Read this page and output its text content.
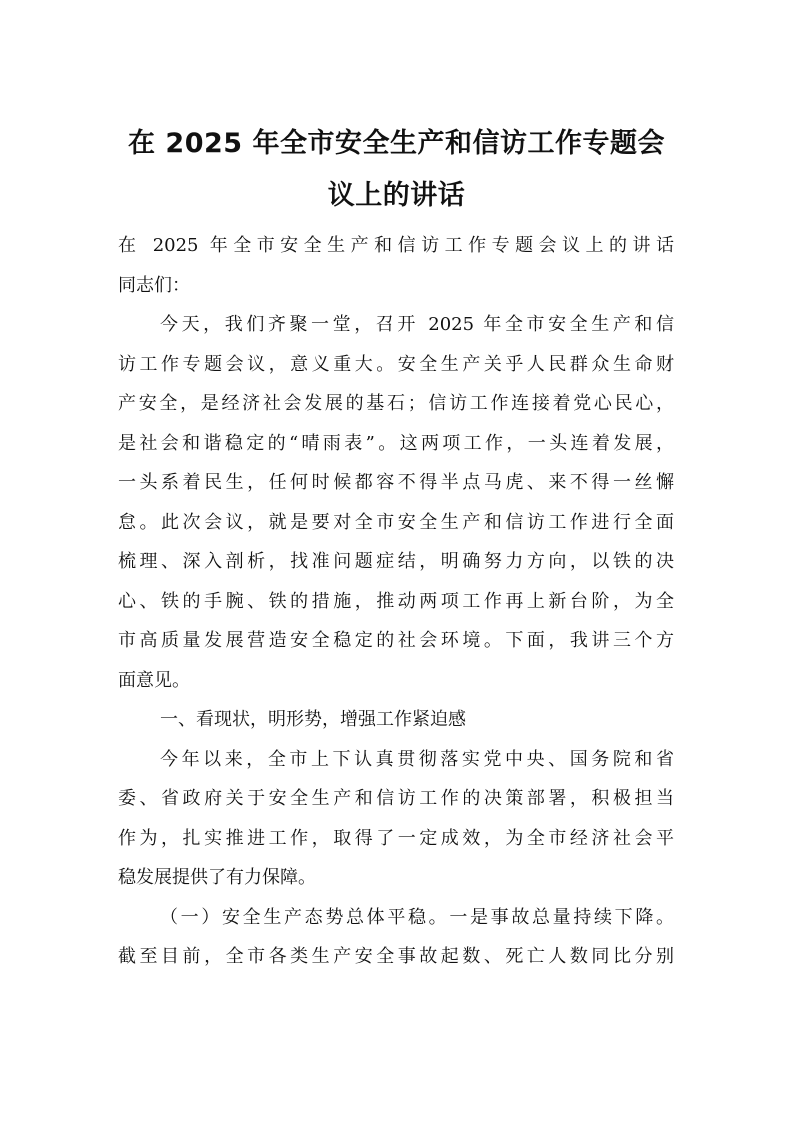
在 2025 年全市安全生产和信访工作专题会
议上的讲话
在 2025 年全市安全生产和信访工作专题会议上的讲话
同志们：
今天，我们齐聚一堂，召开 2025 年全市安全生产和信
访工作专题会议，意义重大。安全生产关乎人民群众生命财
产安全，是经济社会发展的基石；信访工作连接着党心民心，
是社会和谐稳定的“晴雨表”。这两项工作，一头连着发展，
一头系着民生，任何时候都容不得半点马虎、来不得一丝懈
怠。此次会议，就是要对全市安全生产和信访工作进行全面
梳理、深入剖析，找准问题症结，明确努力方向，以铁的决
心、铁的手腕、铁的措施，推动两项工作再上新台阶，为全
市高质量发展营造安全稳定的社会环境。下面，我讲三个方
面意见。
一、看现状，明形势，增强工作紧迫感
今年以来，全市上下认真贯彻落实党中央、国务院和省
委、省政府关于安全生产和信访工作的决策部署，积极担当
作为，扎实推进工作，取得了一定成效，为全市经济社会平
稳发展提供了有力保障。
（一）安全生产态势总体平稳。一是事故总量持续下降。
截至目前，全市各类生产安全事故起数、死亡人数同比分别
